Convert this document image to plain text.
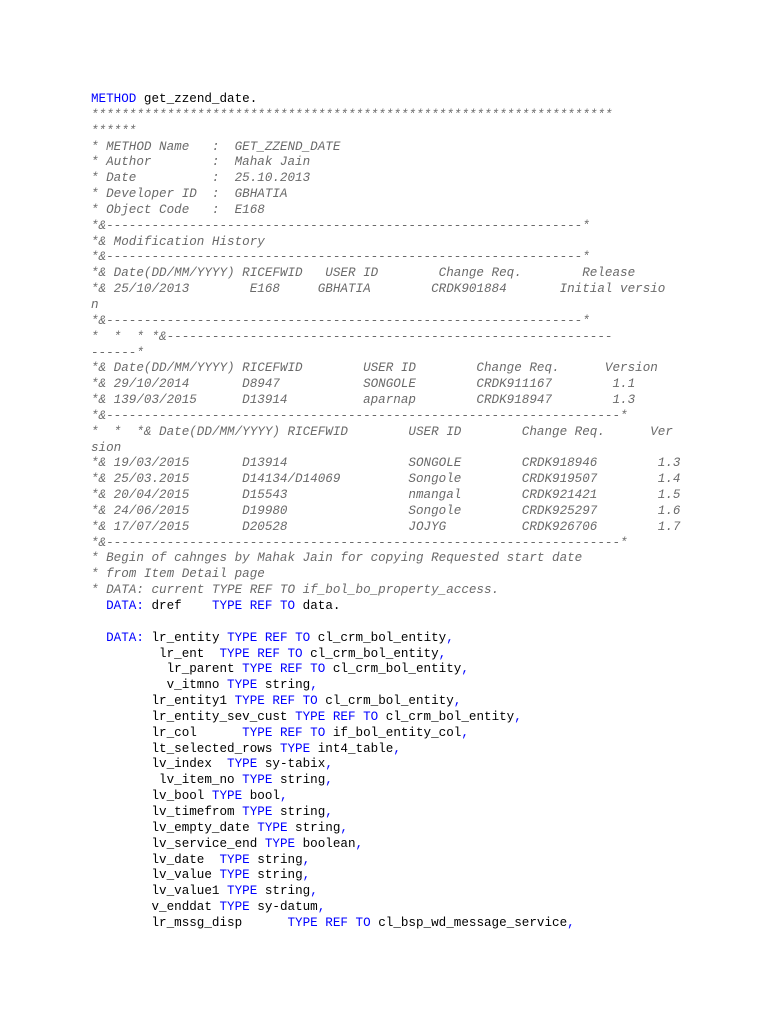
METHOD get_zzend_date.
*********************************************************************
******
* METHOD Name   :  GET_ZZEND_DATE
* Author        :  Mahak Jain
* Date          :  25.10.2013
* Developer ID  :  GBHATIA
* Object Code   :  E168
*&---------------------------------------------------------------*
*& Modification History
*&---------------------------------------------------------------*
*& Date(DD/MM/YYYY) RICEFWID   USER ID        Change Req.        Release
*& 25/10/2013        E168     GBHATIA        CRDK901884       Initial versio
n
*&---------------------------------------------------------------*
*  *  * *&-----------------------------------------------------------
------*
*& Date(DD/MM/YYYY) RICEFWID        USER ID        Change Req.      Version
*& 29/10/2014       D8947           SONGOLE        CRDK911167        1.1
*& 139/03/2015      D13914          aparnap        CRDK918947        1.3
*&--------------------------------------------------------------------*
*  *  *& Date(DD/MM/YYYY) RICEFWID        USER ID        Change Req.      Ver
sion
*& 19/03/2015       D13914                SONGOLE        CRDK918946        1.3
*& 25/03.2015       D14134/D14069         Songole        CRDK919507        1.4
*& 20/04/2015       D15543                nmangal        CRDK921421        1.5
*& 24/06/2015       D19980                Songole        CRDK925297        1.6
*& 17/07/2015       D20528                JOJYG          CRDK926706        1.7
*&--------------------------------------------------------------------*
* Begin of cahnges by Mahak Jain for copying Requested start date
* from Item Detail page
* DATA: current TYPE REF TO if_bol_bo_property_access.
DATA: dref    TYPE REF TO data.
DATA: lr_entity TYPE REF TO cl_crm_bol_entity,
lr_ent  TYPE REF TO cl_crm_bol_entity,
lr_parent TYPE REF TO cl_crm_bol_entity,
v_itmno TYPE string,
lr_entity1 TYPE REF TO cl_crm_bol_entity,
lr_entity_sev_cust TYPE REF TO cl_crm_bol_entity,
lr_col      TYPE REF TO if_bol_entity_col,
lt_selected_rows TYPE int4_table,
lv_index  TYPE sy-tabix,
lv_item_no TYPE string,
lv_bool TYPE bool,
lv_timefrom TYPE string,
lv_empty_date TYPE string,
lv_service_end TYPE boolean,
lv_date  TYPE string,
lv_value TYPE string,
lv_value1 TYPE string,
v_enddat TYPE sy-datum,
lr_mssg_disp      TYPE REF TO cl_bsp_wd_message_service,
